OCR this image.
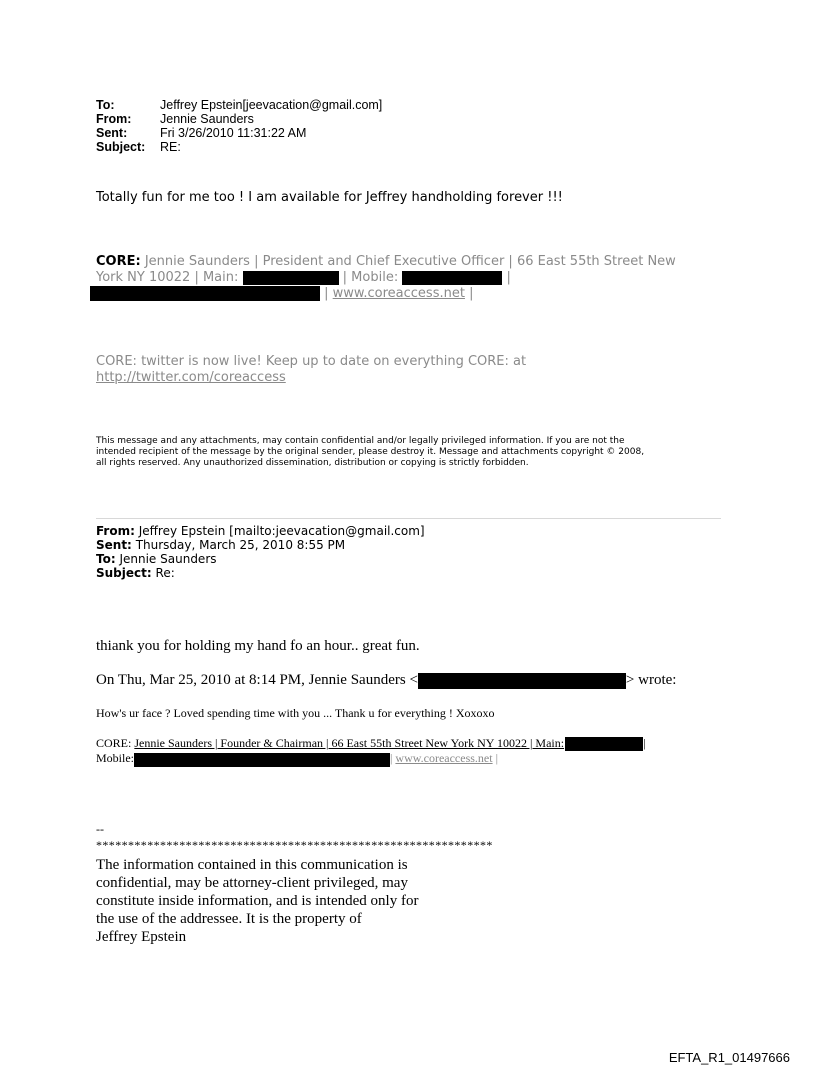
To:	Jeffrey Epstein[jeevacation@gmail.com]
From: Jennie Saunders
Sent:	Fri 3/26/2010 11:31:22 AM
Subject: RE:
Totally fun for me too ! I am available for Jeffrey handholding forever !!!
CORE: Jennie Saunders | President and Chief Executive Officer | 66 East 55th Street New
York NY 10022 | Main:	| Mobile:	|
| www.coreaccess.net |
CORE: twitter is now live! Keep up to date on everything CORE: at
http://twitter.com/coreaccess
This message and any attachments, may contain confidential and/or legally privileged information. If you are not the
intended recipient of the message by the original sender, please destroy it. Message and attachments copyright © 2008,
all rights reserved. Any unauthorized dissemination, distribution or copying is strictly forbidden.
From: Jeffrey Epstein [mailto:jeevacation@gmail.com]
Sent: Thursday, March 25, 2010 8:55 PM
To: Jennie Saunders
Subject: Re:
thiank you for holding my hand fo an hour.. great fun.
On Thu, Mar 25, 2010 at 8:14 PM, Jennie Saunders <	> wrote:
How's ur face ? Loved spending time with you ... Thank u for everything ! Xoxoxo
CORE: Jennie Saunders | Founder & Chairman | 66 East 55th Street New York NY 10022 | Main:	|
Mobile:	| www.coreaccess.net |
--
**************************************************************
The information contained in this communication is
confidential, may be attorney-client privileged, may
constitute inside information, and is intended only for
the use of the addressee. It is the property of
Jeffrey Epstein
EFTA_R1_01497666
